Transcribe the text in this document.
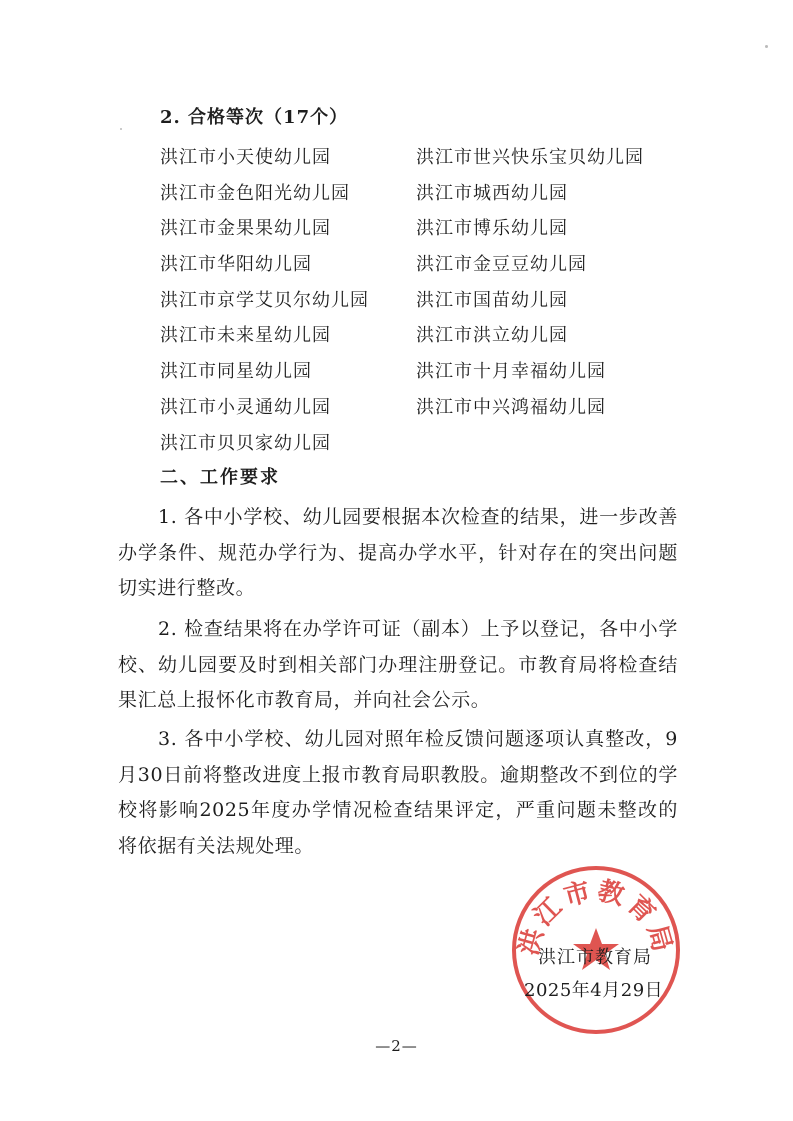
2. 合格等次（17个）
洪江市小天使幼儿园
洪江市金色阳光幼儿园
洪江市金果果幼儿园
洪江市华阳幼儿园
洪江市京学艾贝尔幼儿园
洪江市未来星幼儿园
洪江市同星幼儿园
洪江市小灵通幼儿园
洪江市贝贝家幼儿园
洪江市世兴快乐宝贝幼儿园
洪江市城西幼儿园
洪江市博乐幼儿园
洪江市金豆豆幼儿园
洪江市国苗幼儿园
洪江市洪立幼儿园
洪江市十月幸福幼儿园
洪江市中兴鸿福幼儿园
二、工作要求

1. 各中小学校、幼儿园要根据本次检查的结果，进一步改善办学条件、规范办学行为、提高办学水平，针对存在的突出问题切实进行整改。

2. 检查结果将在办学许可证（副本）上予以登记，各中小学校、幼儿园要及时到相关部门办理注册登记。市教育局将检查结果汇总上报怀化市教育局，并向社会公示。

3. 各中小学校、幼儿园对照年检反馈问题逐项认真整改，9月30日前将整改进度上报市教育局职教股。逾期整改不到位的学校将影响2025年度办学情况检查结果评定，严重问题未整改的将依据有关法规处理。

洪江市教育局
洪江市教育局
2025年4月29日
—2—
